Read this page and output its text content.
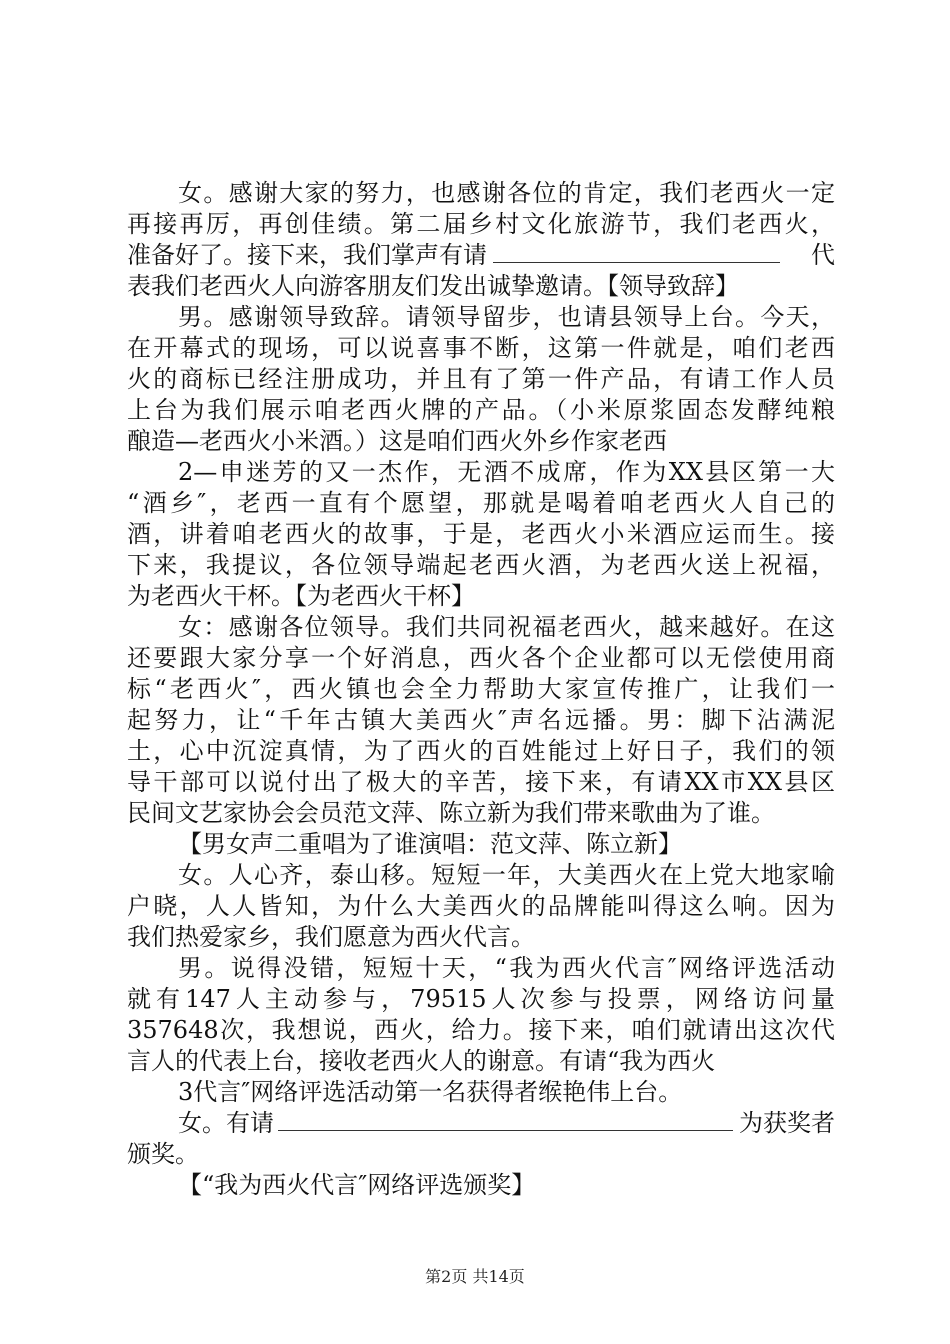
女。感谢大家的努力，也感谢各位的肯定，我们老西火一定
再接再厉，再创佳绩。第二届乡村文化旅游节，我们老西火，
准备好了。接下来，我们掌声有请	代
表我们老西火人向游客朋友们发出诚挚邀请。【领导致辞】
男。感谢领导致辞。请领导留步，也请县领导上台。今天，
在开幕式的现场，可以说喜事不断，这第一件就是，咱们老西
火的商标已经注册成功，并且有了第一件产品，有请工作人员
上台为我们展示咱老西火牌的产品。（小米原浆固态发酵纯粮
酿造—老西火小米酒。）这是咱们西火外乡作家老西
2—申迷芳的又一杰作，无酒不成席，作为XX县区第一大
“酒乡″，老西一直有个愿望，那就是喝着咱老西火人自己的
酒，讲着咱老西火的故事，于是，老西火小米酒应运而生。接
下来，我提议，各位领导端起老西火酒，为老西火送上祝福，
为老西火干杯。【为老西火干杯】
女：感谢各位领导。我们共同祝福老西火，越来越好。在这
还要跟大家分享一个好消息，西火各个企业都可以无偿使用商
标“老西火″，西火镇也会全力帮助大家宣传推广，让我们一
起努力，让“千年古镇大美西火″声名远播。男：脚下沾满泥
土，心中沉淀真情，为了西火的百姓能过上好日子，我们的领
导干部可以说付出了极大的辛苦，接下来，有请XX市XX县区
民间文艺家协会会员范文萍、陈立新为我们带来歌曲为了谁。
【男女声二重唱为了谁演唱：范文萍、陈立新】
女。人心齐，泰山移。短短一年，大美西火在上党大地家喻
户晓，人人皆知，为什么大美西火的品牌能叫得这么响。因为
我们热爱家乡，我们愿意为西火代言。
男。说得没错，短短十天，“我为西火代言″网络评选活动
就有147人主动参与，79515人次参与投票，网络访问量
357648次，我想说，西火，给力。接下来，咱们就请出这次代
言人的代表上台，接收老西火人的谢意。有请“我为西火
3代言″网络评选活动第一名获得者缑艳伟上台。
女。有请	为获奖者
颁奖。
【“我为西火代言″网络评选颁奖】
第2页 共14页
